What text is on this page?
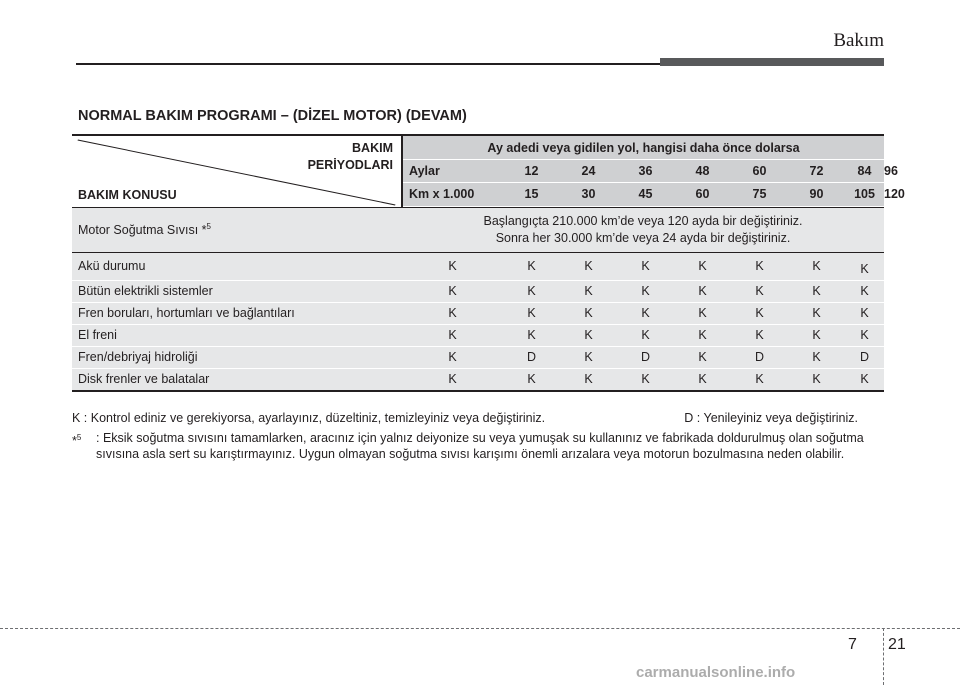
Bakım
NORMAL BAKIM PROGRAMI – (DİZEL MOTOR) (DEVAM)
BAKIM
PERİYODLARI
BAKIM KONUSU	Ay adedi veya gidilen yol, hangisi daha önce dolarsa								
	Aylar	12	24	36	48	60	72	84	96
	Km x 1.000	15	30	45	60	75	90	105	120

Motor Soğutma Sıvısı *$^5$	Başlangıçta 210.000 km’de veya 120 ayda bir değiştiriniz.
Sonra her 30.000 km’de veya 24 ayda bir değiştiriniz.								

Akü durumu	K	K	K	K	K	K	K	K	
Bütün elektrikli sistemler	K	K	K	K	K	K	K	K	
Fren boruları, hortumları ve bağlantıları	K	K	K	K	K	K	K	K	
El freni	K	K	K	K	K	K	K	K	
Fren/debriyaj hidroliği	K	D	K	D	K	D	K	D	
Disk frenler ve balatalar	K	K	K	K	K	K	K	K	
K : Kontrol ediniz ve gerekiyorsa, ayarlayınız, düzeltiniz, temizleyiniz veya değiştiriniz.	D : Yenileyiniz veya değiştiriniz.
*$^5$	: Eksik soğutma sıvısını tamamlarken, aracınız için yalnız deiyonize su veya yumuşak su kullanınız ve fabrikada doldurulmuş olan soğutma sıvısına asla sert su karıştırmayınız. Uygun olmayan soğutma sıvısı karışımı önemli arızalara veya motorun bozulmasına neden olabilir.
7 21
carmanualsonline.info
